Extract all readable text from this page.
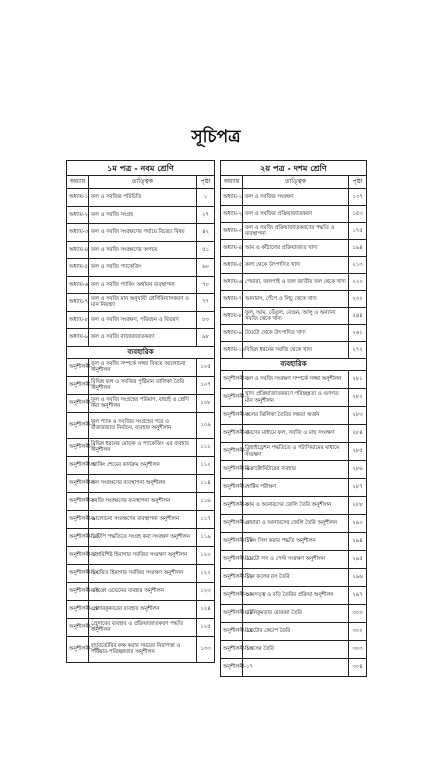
সূচিপত্র
১ম পত্র - নবম শ্রেণি		
অধ্যায়	তাত্ত্বিক	পৃষ্ঠা
অধ্যায়-১	ফল ও সবজির পরিচিতি	১
অধ্যায়-২	ফল ও সবজি সংগ্রহ	২৭
অধ্যায়-৩	ফল ও সবজি সংরক্ষণের পর্যায়ে বিবেচ্য বিষয়	৪২
অধ্যায়-৪	ফল ও সবজি সংরক্ষণের অপচয়	৫১
অধ্যায়-৫	ফল ও সবজি প্যাকেজিং	৬০
অধ্যায়-৬	ফল ও সবজি প্যাকিং অর্থায়ন ব্যবস্থাপনা	৭০
অধ্যায়-৭	ফল ও সবজি মান অনুযায়ী শ্রেণিবিন্যাসকরণ ও মান নিয়ন্ত্রণ	৭৭
অধ্যায়-৮	ফল ও সবজি সংরক্ষণ, পরিবহন ও বিতরণ	৮৩
অধ্যায়-৯	ফল ও সবজি বাজারজাতকরণ	৯৮
ব্যবহারিক		
অনুশীলনী-১	ফল ও সবজি সম্পর্কে সজ্জা বিষয়ে আলোচনা অনুশীলন	১০৫
অনুশীলনী-২	বিভিন্ন ফল ও সবজির পুষ্টিমান তালিকা তৈরি অনুশীলন	১০৭
অনুশীলনী-৩	ফল ও সবজি সংগ্রহের পরিমাণ, বাছাই ও শ্রেণি করা অনুশীলন	১০৮
অনুশীলনী-৪	ফল প্যাক ও সবজির সংগ্রহের পরে ও বাজারজাত নির্বাচন, ব্যবহার অনুশীলন	১০৯
অনুশীলনী-৫	বিভিন্ন ধরনের মোড়ক ও প্যাকেজিং এর ব্যবহার অনুশীলন	১১১
অনুশীলনী-৬	প্যাকিং শেডের কার্যক্রম অনুশীলন	১১২
অনুশীলনী-৭	ফল সংরক্ষণের ব্যবস্থাপনা অনুশীলন	১১৪
অনুশীলনী-৮	সবজি সংরক্ষণের ব্যবস্থাপনা অনুশীলন	১১৬
অনুশীলনী-৯	আলোচনা সংরক্ষণের ব্যবস্থাপনা অনুশীলন	১১৭
অনুশীলনী-১০	ডিটিপি পদ্ধতিতে সংগ্রহ করা সংরক্ষণ অনুশীলন	১১৯
অনুশীলনী-১১	তাপবিশিষ্ট হিমাগার সবজির সংরক্ষণ অনুশীলন	১২০
অনুশীলনী-১২	হিমায়িত হিমাগার সবজির সংরক্ষণ অনুশীলন	১২২
অনুশীলনী-১৩	মাইক্রো ওভেনের ব্যবহার অনুশীলন	১২৩
অনুশীলনী-১৪	প্রেসারকুকারের ব্যবহার অনুশীলন	১২৪
অনুশীলনী-১৫	প্রেসারের ব্যবহার ও প্রক্রিয়াজাতকরণ পদ্ধতি অনুশীলন	১২৫
অনুশীলনী-১৬	ল্যাবরেটরির কক্ষ করার সময়ের নিরাপত্তা ও পরিষ্কার-পরিচ্ছন্নতার অনুশীলন	১৩৩
২য় পত্র - দশম শ্রেণি		
অধ্যায়	তাত্ত্বিক	পৃষ্ঠা
অধ্যায়-১	ফল ও সবজির সংরক্ষণ	১৩৭
অধ্যায়-২	ফল ও সবজির প্রক্রিয়াজাতকরণ	১৫৩
অধ্যায়-৩	ফল ও সবজি প্রক্রিয়াজাতকরণের পদ্ধতি ও ব্যবস্থাপনা	১৭৫
অধ্যায়-৪	আম ও কাঁঠালের প্রক্রিয়াজাত খাদ্য	১৯৪
অধ্যায়-৫	কলা থেকে উৎপাদিত খাদ্য	২১৩
অধ্যায়-৬	পেয়ারা, জলপাই ও জল জাতীয় ফল থেকে খাদ্য	২২০
অধ্যায়-৭	আনারস, পেঁপে ও লিচু থেকে খাদ্য	২৩২
অধ্যায়-৮	ফুল, আম, তেঁতুল, বেগুন, আলু ও অন্যান্য সবজি থেকে খাদ্য	২৪৪
অধ্যায়-৯	টমেটো থেকে উৎপাদিত খাদ্য	২৬১
অধ্যায়-১০	বিভিন্ন ধরনের সবজি থেকে খাদ্য	২৭২
ব্যবহারিক		
অনুশীলনী-১	ফল ও সবজি সংরক্ষণ সম্পর্কে সজ্জা অনুশীলন	২৮১
অনুশীলনী-২	খাদ্য প্রক্রিয়াজাতকরণে পরিচ্ছন্নতা ও গুণগত মান অনুশীলন	২৮২
অনুশীলনী-৩	ফলের ঝিলিকা তৈরির দক্ষতা অর্জন	২৮৩
অনুশীলনী-৪	লবণের মাধ্যমে ফল, সবজি ও মাছ সংরক্ষণ	২৮৪
অনুশীলনী-৫	ডিহাইড্রেশন পদ্ধতিতে ও পটাসিয়ামের মাধ্যমে সংরক্ষণ	২৮৫
অনুশীলনী-৬	রিফ্রাক্টোমিটারের ব্যবহার	২৮৬
অনুশীলনী-৭	পেক্টিন পরীক্ষণ	২৮৭
অনুশীলনী-৮	আম ও আনারসের জেলি তৈরি অনুশীলন	২৮৮
অনুশীলনী-৯	পেয়ারা ও আনারসের জেলি তৈরি অনুশীলন	২৯০
অনুশীলনী-১০	টিনিং সিল করার পদ্ধতি অনুশীলন	২৯৪
অনুশীলনী-১১	টমেটো সস ও পেস্ট সংরক্ষণ অনুশীলন	২৯৫
অনুশীলনী-১২	টিনে ফলের রস তৈরি	২৯৬
অনুশীলনী-১৩	আমসত্ত্ব ও বড়ি তৈরির প্রক্রিয়া অনুশীলন	২৯৭
অনুশীলনী-১৪	চাটনিকুমড়ার মোরব্বা তৈরি	৩০০
অনুশীলনী-১৫	টমেটোর কেচাপ তৈরি	৩০২
অনুশীলনী-১৬	চিপসের তৈরি	৩০৩
অনুশীলনী-১৭		৩০৪
